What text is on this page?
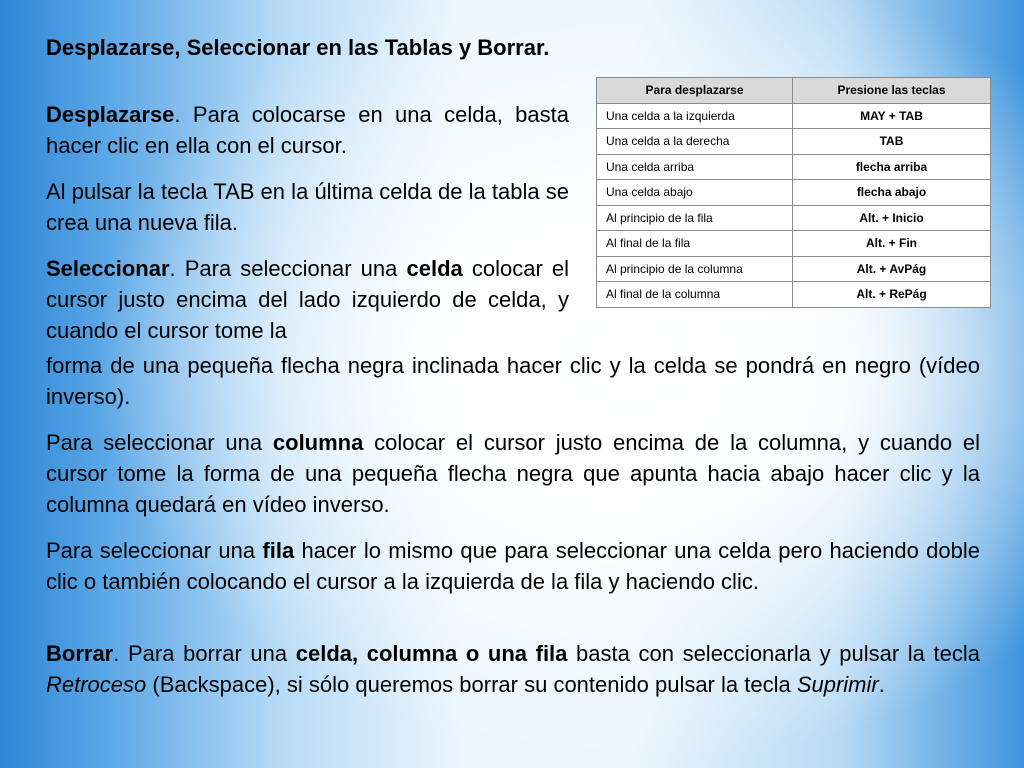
Desplazarse, Seleccionar en las Tablas y Borrar.
Para desplazarse	Presione las teclas
Una celda a la izquierda	MAY + TAB
Una celda a la derecha	TAB
Una celda arriba	flecha arriba
Una celda abajo	flecha abajo
Al principio de la fila	Alt. + Inicio
Al final de la fila	Alt. + Fin
Al principio de la columna	Alt. + AvPág
Al final de la columna	Alt. + RePág

Desplazarse. Para colocarse en una celda, basta hacer clic en ella con el cursor.

Al pulsar la tecla TAB en la última celda de la tabla se crea una nueva fila.

Seleccionar. Para seleccionar una celda colocar el cursor justo encima del lado izquierdo de celda, y cuando el cursor tome la

forma de una pequeña flecha negra inclinada hacer clic y la celda se pondrá en negro (vídeo inverso).

Para seleccionar una columna colocar el cursor justo encima de la columna, y cuando el cursor tome la forma de una pequeña flecha negra que apunta hacia abajo hacer clic y la columna quedará en vídeo inverso.

Para seleccionar una fila hacer lo mismo que para seleccionar una celda pero haciendo doble clic o también colocando el cursor a la izquierda de la fila y haciendo clic.

Borrar. Para borrar una celda, columna o una fila basta con seleccionarla y pulsar la tecla Retroceso (Backspace), si sólo queremos borrar su contenido pulsar la tecla Suprimir.
